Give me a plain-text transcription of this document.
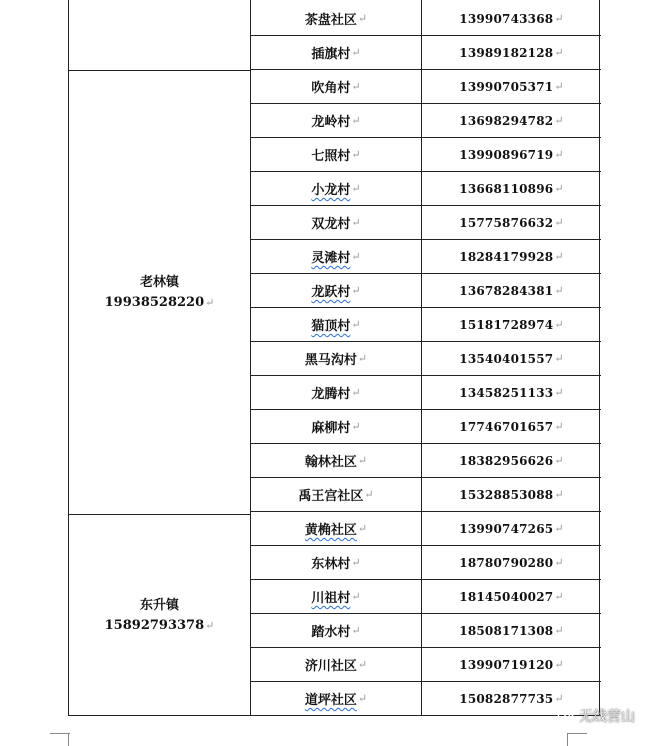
老林镇
19938528220↵
东升镇
15892793378↵
茶盘社区 ↵
插旗村 ↵
吹角村 ↵
龙岭村 ↵
七照村 ↵
小龙村 ↵
双龙村 ↵
灵滩村 ↵
龙跃村 ↵
猫顶村 ↵
黑马沟村 ↵
龙腾村 ↵
麻柳村 ↵
翰林社区 ↵
禹王宫社区 ↵
黄桷社区 ↵
东林村 ↵
川祖村 ↵
踏水村 ↵
济川社区 ↵
道坪社区 ↵
13990743368 ↵
13989182128 ↵
13990705371 ↵
13698294782 ↵
13990896719 ↵
13668110896 ↵
15775876632 ↵
18284179928 ↵
13678284381 ↵
15181728974 ↵
13540401557 ↵
13458251133 ↵
17746701657 ↵
18382956626 ↵
15328853088 ↵
13990747265 ↵
18780790280 ↵
18145040027 ↵
18508171308 ↵
13990719120 ↵
15082877735 ↵
无线营山
